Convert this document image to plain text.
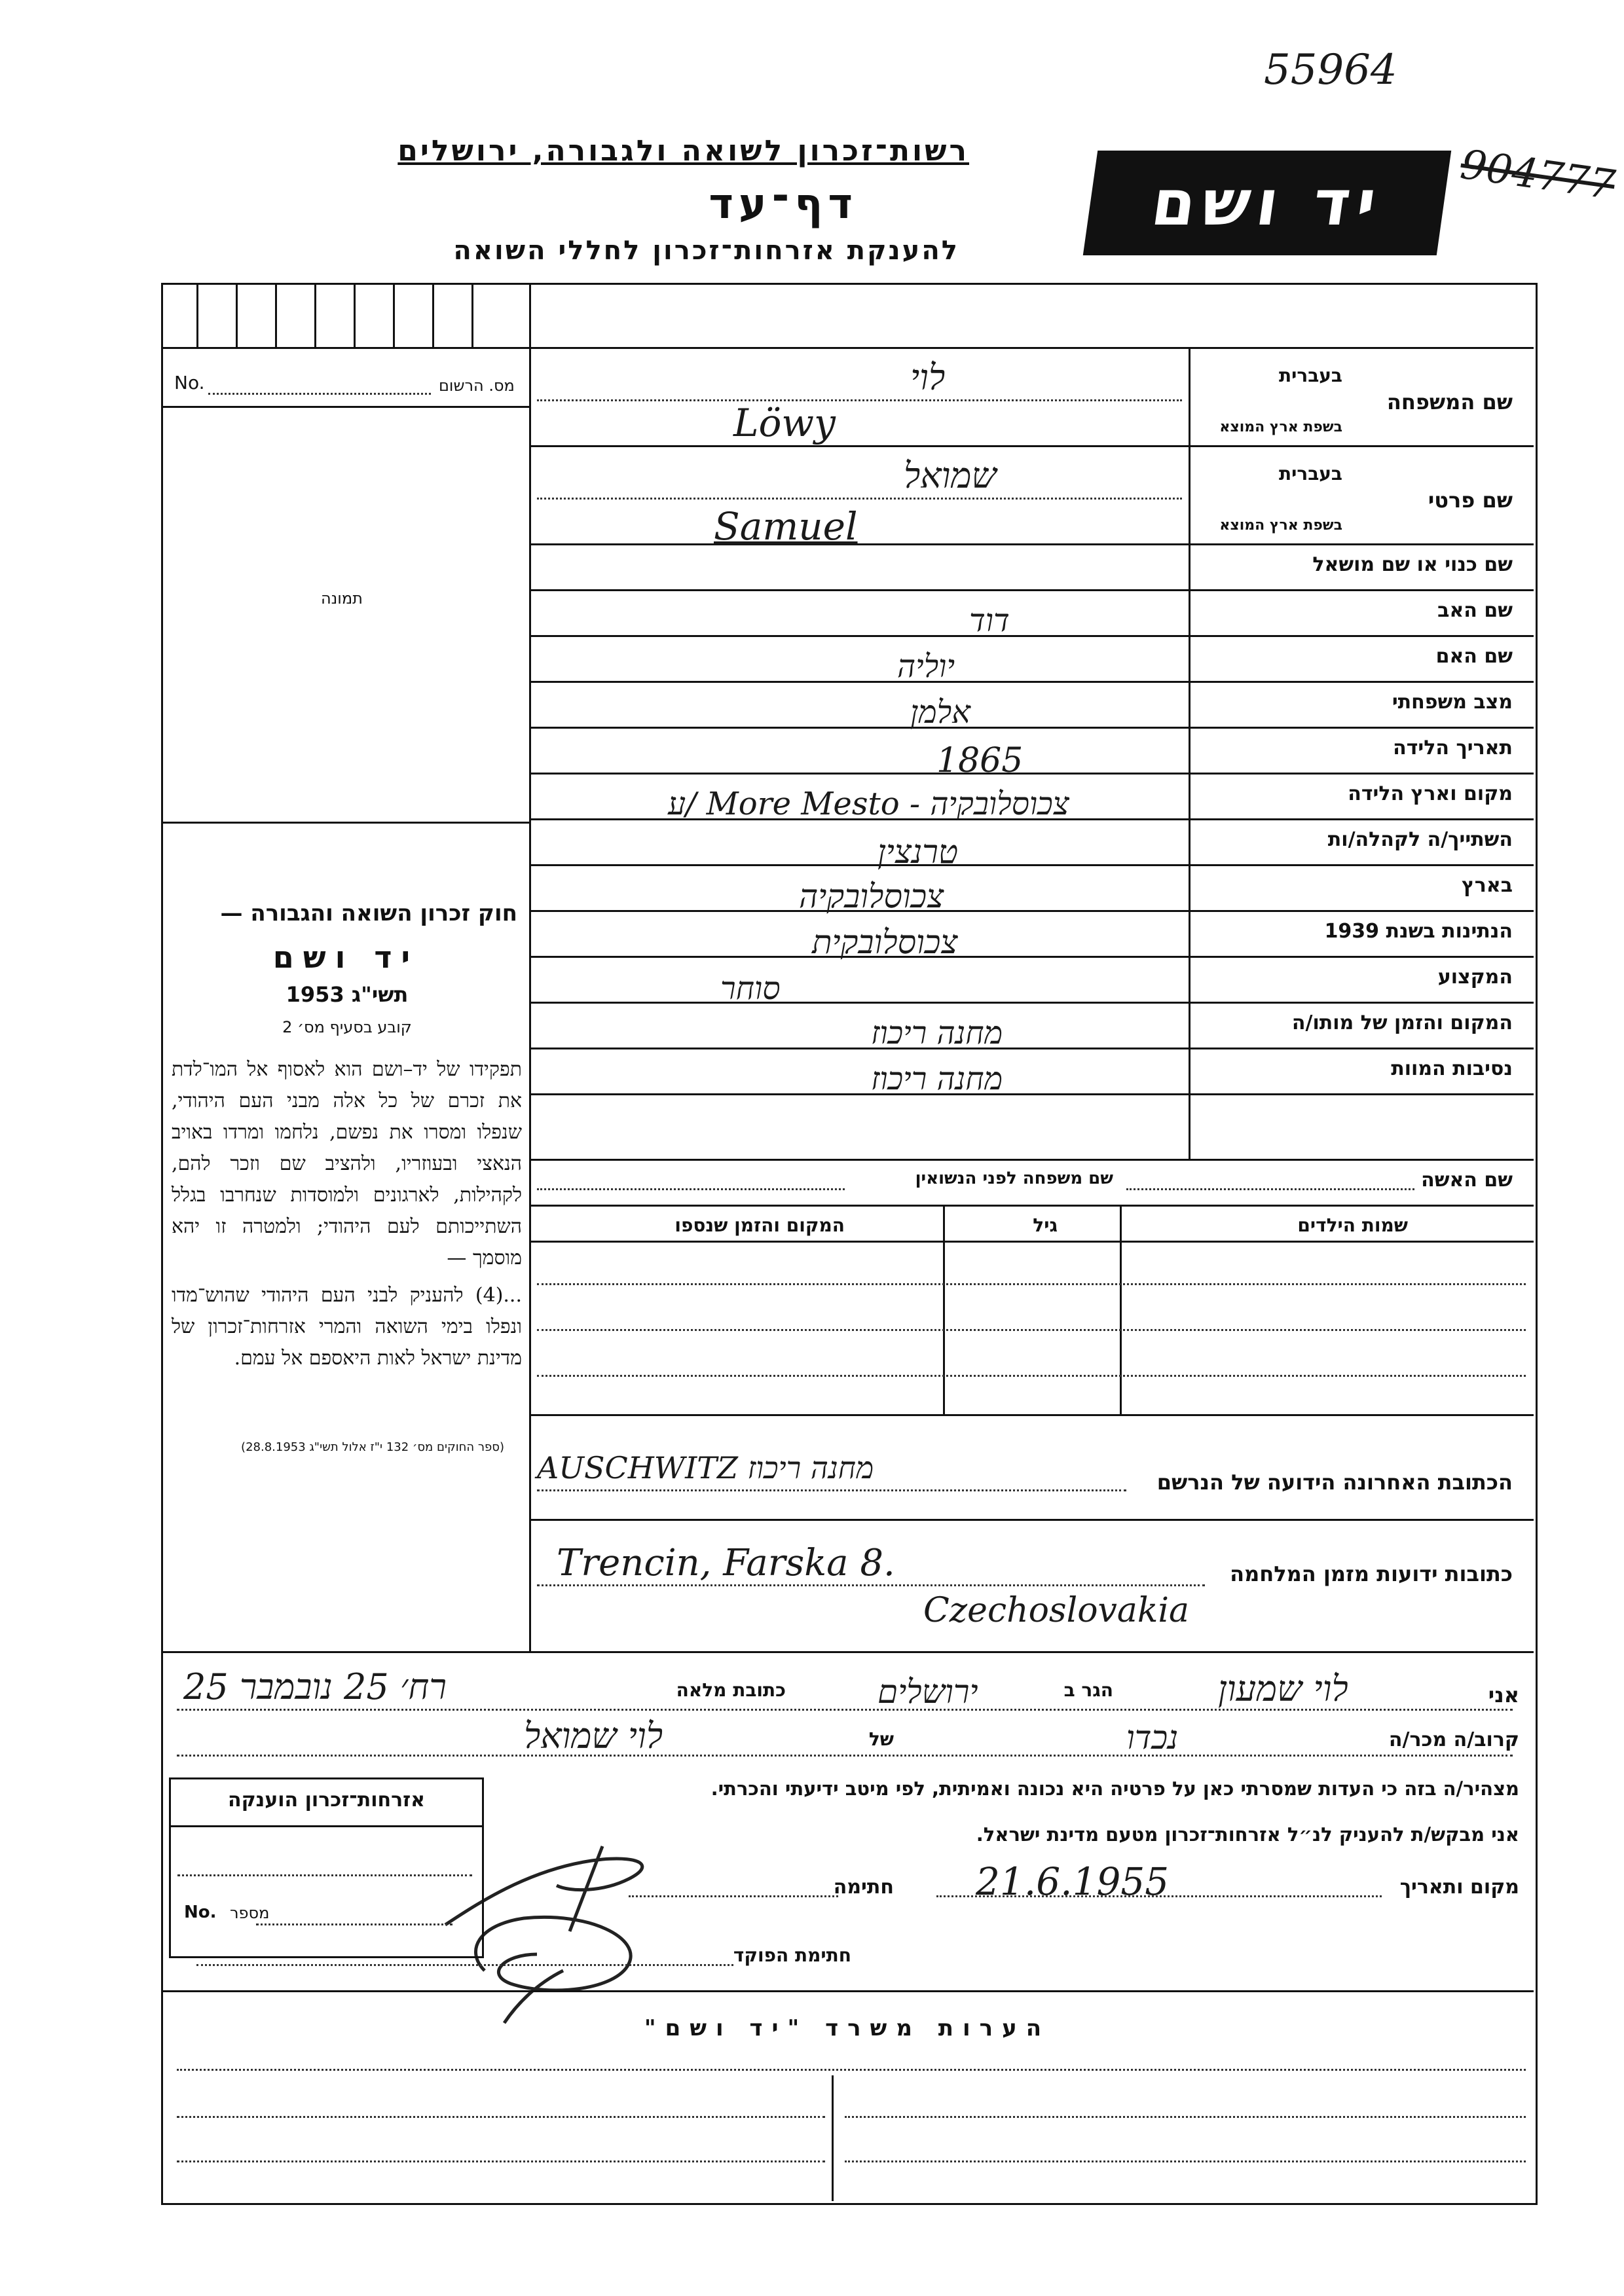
55964
904777
רשות־זכרון לשואה ולגבורה, ירושלים
דף־עד
להענקת אזרחות־זכרון לחללי השואה
יד ושם
No.	מס. הרשום
תמונה
חוק זכרון השואה והגבורה —
יד ושם
תשי"ג 1953
קובע בסעיף מס׳ 2
תפקידו של יד–ושם הוא לאסוף אל המו־לדת את זכרם של כל אלה מבני העם היהודי, שנפלו ומסרו את נפשם, נלחמו ומרדו באויב הנאצי ובעוזריו, ולהציב שם וזכר להם, לקהילות, לארגונים ולמוסדות שנחרבו בגלל השתייכותם לעם היהודי; ולמטרה זו יהא מוסמך —
...(4) להעניק לבני העם היהודי שהוש־מדו ונפלו בימי השואה והמרי אזרחות־זכרון של מדינת ישראל לאות היאספם אל עמם.
(ספר החוקים מס׳ 132 י"ז אלול תשי"ג 28.8.1953)
שם המשפחה
בעברית
בשפת ארץ המוצא
שם פרטי
בעברית
בשפת ארץ המוצא
שם כנוי או שם מושאל
שם האב
שם האם
מצב משפחתי
תאריך הלידה
מקום וארץ הלידה
השתייך/ה לקהלה/ות
בארץ
הנתינות בשנת 1939
המקצוע
המקום והזמן של מותו/ה
נסיבות המוות
לוי
Löwy
שמואל
Samuel
דוד
יוליה
אלמן
1865
ע/ More Mesto - צכוסלובקיה
טרנצין
צכוסלובקיה
צכוסלובקית
סוחר
מחנה ריכוז
מחנה ריכוז
שם האשה
שם משפחה לפני הנשואין
שמות הילדים
גיל
המקום והזמן שנספו
הכתובת האחרונה הידועה של הנרשם
AUSCHWITZ מחנה ריכוז
כתובות ידועות מזמן המלחמה
Trencin, Farska 8.
Czechoslovakia
אני
לוי שמעון
הגר ב
ירושלים
כתובת מלאה
רח׳ 25 נובמבר 25
קרוב/ה מכר/ה
נכדו
של
לוי שמואל
מצהיר/ה בזה כי העדות שמסרתי כאן על פרטיה היא נכונה ואמיתית, לפי מיטב ידיעתי והכרתי.
אני מבקש/ת להעניק לנ״ל אזרחות־זכרון מטעם מדינת ישראל.
מקום ותאריך
21.6.1955
חתימה
אזרחות־זכרון הוענקה
No. מספר
חתימת הפוקד
הערות משרד "יד ושם"
